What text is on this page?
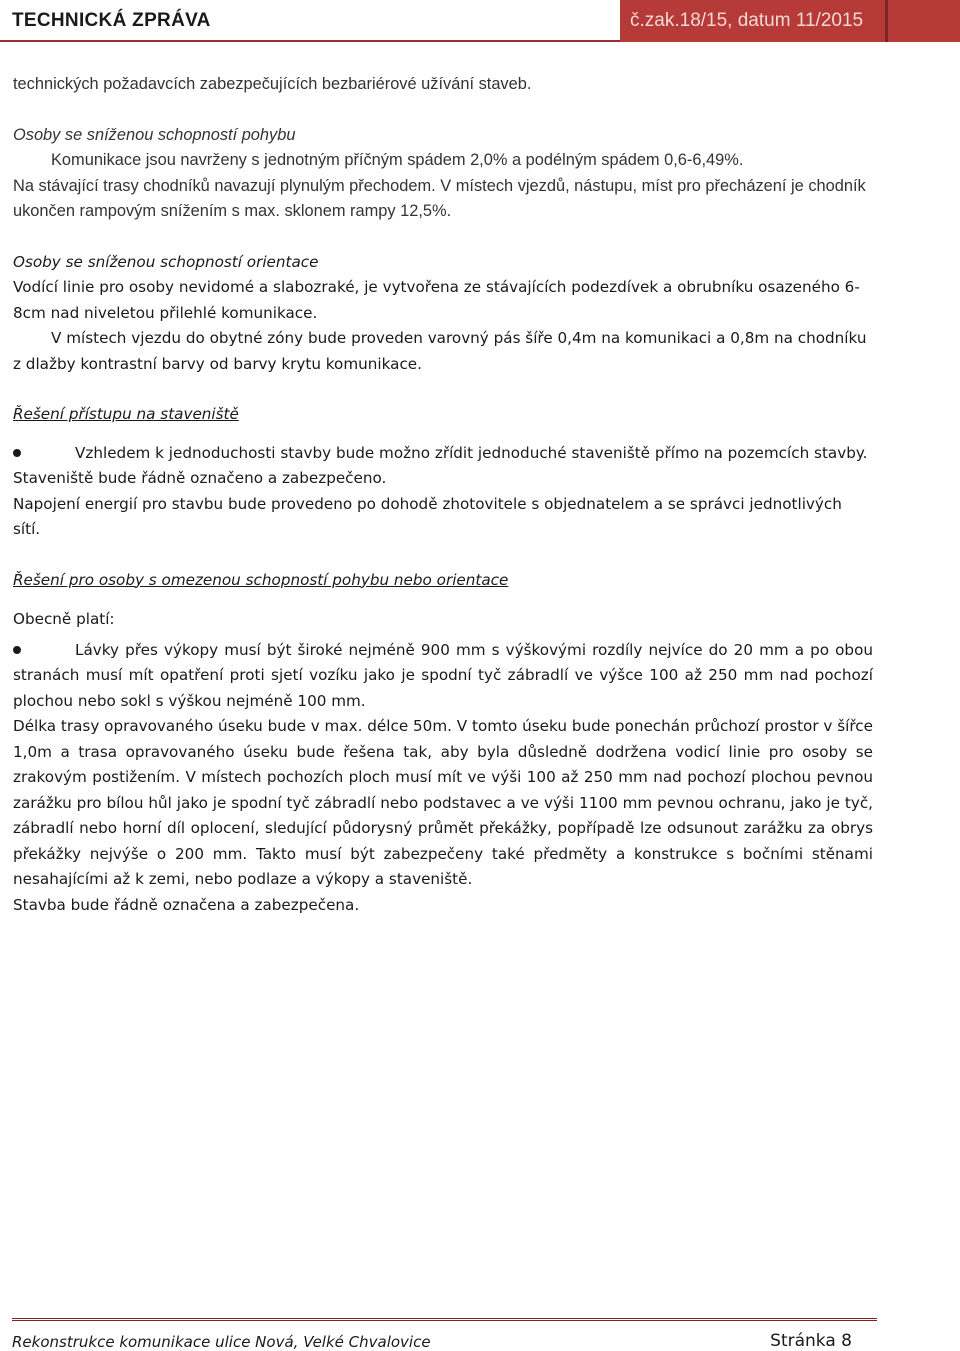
TECHNICKÁ ZPRÁVA	č.zak.18/15, datum 11/2015

technických požadavcích zabezpečujících bezbariérové užívání staveb.

Osoby se sníženou schopností pohybu

Komunikace jsou navrženy s jednotným příčným spádem 2,0% a podélným spádem 0,6-6,49%.

Na stávající trasy chodníků navazují plynulým přechodem. V místech vjezdů, nástupu, míst pro přecházení je chodník ukončen rampovým snížením s max. sklonem rampy 12,5%.

Osoby se sníženou schopností orientace

Vodící linie pro osoby nevidomé a slabozraké, je vytvořena ze stávajících podezdívek a obrubníku osazeného 6-8cm nad niveletou přilehlé komunikace.

V místech vjezdu do obytné zóny bude proveden varovný pás šíře 0,4m na komunikaci a 0,8m na chodníku z dlažby kontrastní barvy od barvy krytu komunikace.

Řešení přístupu na staveniště

Vzhledem k jednoduchosti stavby bude možno zřídit jednoduché staveniště přímo na pozemcích stavby.

Staveniště bude řádně označeno a zabezpečeno.

Napojení energií pro stavbu bude provedeno po dohodě zhotovitele s objednatelem a se správci jednotlivých sítí.

Řešení pro osoby s omezenou schopností pohybu nebo orientace

Obecně platí:

Lávky přes výkopy musí být široké nejméně 900 mm s výškovými rozdíly nejvíce do 20 mm a po obou stranách musí mít opatření proti sjetí vozíku jako je spodní tyč zábradlí ve výšce 100 až 250 mm nad pochozí plochou nebo sokl s výškou nejméně 100 mm.

Délka trasy opravovaného úseku bude v max. délce 50m. V tomto úseku bude ponechán průchozí prostor v šířce 1,0m a trasa opravovaného úseku bude řešena tak, aby byla důsledně dodržena vodicí linie pro osoby se zrakovým postižením. V místech pochozích ploch musí mít ve výši 100 až 250 mm nad pochozí plochou pevnou zarážku pro bílou hůl jako je spodní tyč zábradlí nebo podstavec a ve výši 1100 mm pevnou ochranu, jako je tyč, zábradlí nebo horní díl oplocení, sledující půdorysný průmět překážky, popřípadě lze odsunout zarážku za obrys překážky nejvýše o 200 mm. Takto musí být zabezpečeny také předměty a konstrukce s bočními stěnami nesahajícími až k zemi, nebo podlaze a výkopy a staveniště.

Stavba bude řádně označena a zabezpečena.

Rekonstrukce komunikace ulice Nová, Velké Chvalovice	Stránka 8
